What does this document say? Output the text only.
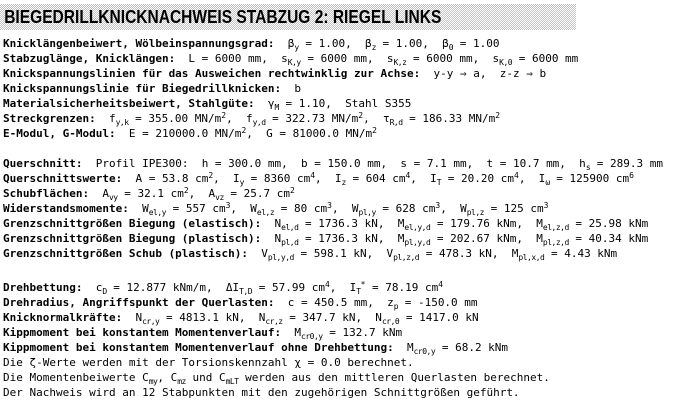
BIEGEDRILLKNICKNACHWEIS STABZUG 2: RIEGEL LINKS
Knicklängenbeiwert, Wölbeinspannungsgrad:  $\beta_y = 1.00$,  $\beta_z = 1.00$,  $\beta_0 = 1.00$
Stabzuglänge, Knicklängen:  L = 6000 mm,  $s_{K,y} = 6000$ mm,  $s_{K,z} = 6000$ mm,  $s_{K,0} = 6000$ mm
Knickspannungslinien für das Ausweichen rechtwinklig zur Achse:  y-y ⇒ a,  z-z ⇒ b
Knickspannungslinie für Biegedrillknicken:  b
Materialsicherheitsbeiwert, Stahlgüte:  $\gamma_M = 1.10$,  Stahl S355
Streckgrenzen:  $f_{y,k} = 355.00$ $MN/m^2$,  $f_{y,d} = 322.73$ $MN/m^2$,  $\tau_{R,d} = 186.33$ $MN/m^2$
E-Modul, G-Modul:  E = 210000.0 $MN/m^2$,  G = 81000.0 $MN/m^2$
Querschnitt:  Profil IPE300:  h = 300.0 mm,  b = 150.0 mm,  s = 7.1 mm,  t = 10.7 mm,  $h_s = 289.3$ mm
Querschnittswerte:  A = 53.8 $cm^2$,  $I_y = 8360$ $cm^4$,  $I_z = 604$ $cm^4$,  $I_T = 20.20$ $cm^4$,  $I_\omega = 125900$ $cm^6$
Schubflächen:  $A_{vy} = 32.1$ $cm^2$,  $A_{vz} = 25.7$ $cm^2$
Widerstandsmomente:  $W_{el,y} = 557$ $cm^3$,  $W_{el,z} = 80$ $cm^3$,  $W_{pl,y} = 628$ $cm^3$,  $W_{pl,z} = 125$ $cm^3$
Grenzschnittgrößen Biegung (elastisch):  $N_{el,d} = 1736.3$ kN,  $M_{el,y,d} = 179.76$ kNm,  $M_{el,z,d} = 25.98$ kNm
Grenzschnittgrößen Biegung (plastisch):  $N_{pl,d} = 1736.3$ kN,  $M_{pl,y,d} = 202.67$ kNm,  $M_{pl,z,d} = 40.34$ kNm
Grenzschnittgrößen Schub (plastisch):  $V_{pl,y,d} = 598.1$ kN,  $V_{pl,z,d} = 478.3$ kN,  $M_{pl,x,d} = 4.43$ kNm
Drehbettung:  $c_D = 12.877$ kNm/m,  $\Delta I_{T,D} = 57.99$ $cm^4$,  $I_T^* = 78.19$ $cm^4$
Drehradius, Angriffspunkt der Querlasten:  c = 450.5 mm,  $z_p = -150.0$ mm
Knicknormalkräfte:  $N_{cr,y} = 4813.1$ kN,  $N_{cr,z} = 347.7$ kN,  $N_{cr,\theta} = 1417.0$ kN
Kippmoment bei konstantem Momentenverlauf:  $M_{cr0,y} = 132.7$ kNm
Kippmoment bei konstantem Momentenverlauf ohne Drehbettung:  $M_{cr0,y} = 68.2$ kNm
Die ζ-Werte werden mit der Torsionskennzahl χ = 0.0 berechnet.
Die Momentenbeiwerte $C_{my}$, $C_{mz}$ und $C_{mLT}$ werden aus den mittleren Querlasten berechnet.
Der Nachweis wird an 12 Stabpunkten mit den zugehörigen Schnittgrößen geführt.
